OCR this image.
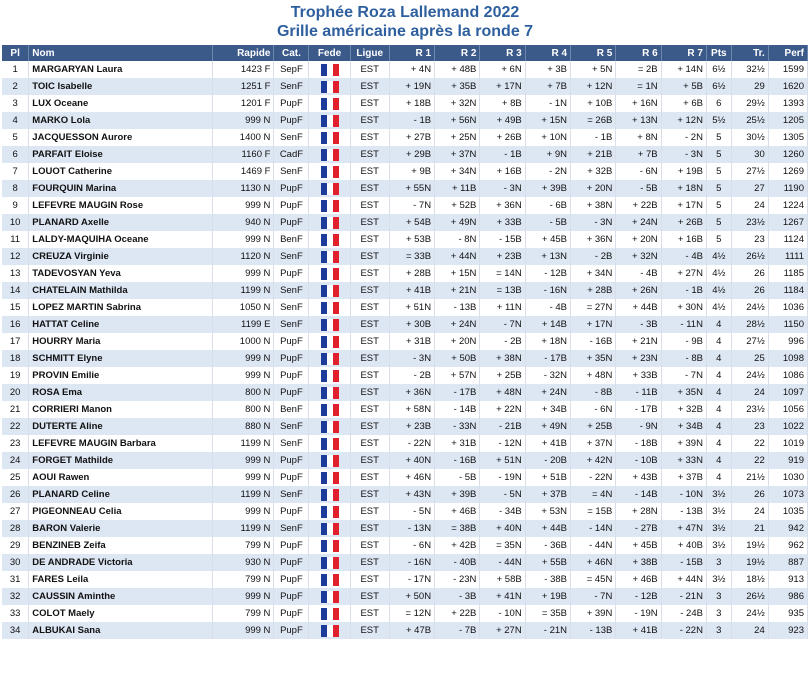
Trophée Roza Lallemand 2022
Grille américaine après la ronde 7
Pl	Nom	Rapide	Cat.	Fede	Ligue	R 1	R 2	R 3	R 4	R 5	R 6	R 7	Pts	Tr.	Perf
1	MARGARYAN Laura	1423 F	SepF		EST	+ 4N	+ 48B	+ 6N	+ 3B	+ 5N	= 2B	+ 14N	6½	32½	1599
2	TOIC Isabelle	1251 F	SenF		EST	+ 19N	+ 35B	+ 17N	+ 7B	+ 12N	= 1N	+ 5B	6½	29	1620
3	LUX Oceane	1201 F	PupF		EST	+ 18B	+ 32N	+ 8B	- 1N	+ 10B	+ 16N	+ 6B	6	29½	1393
4	MARKO Lola	999 N	PupF		EST	- 1B	+ 56N	+ 49B	+ 15N	= 26B	+ 13N	+ 12N	5½	25½	1205
5	JACQUESSON Aurore	1400 N	SenF		EST	+ 27B	+ 25N	+ 26B	+ 10N	- 1B	+ 8N	- 2N	5	30½	1305
6	PARFAIT Eloise	1160 F	CadF		EST	+ 29B	+ 37N	- 1B	+ 9N	+ 21B	+ 7B	- 3N	5	30	1260
7	LOUOT Catherine	1469 F	SenF		EST	+ 9B	+ 34N	+ 16B	- 2N	+ 32B	- 6N	+ 19B	5	27½	1269
8	FOURQUIN Marina	1130 N	PupF		EST	+ 55N	+ 11B	- 3N	+ 39B	+ 20N	- 5B	+ 18N	5	27	1190
9	LEFEVRE MAUGIN Rose	999 N	PupF		EST	- 7N	+ 52B	+ 36N	- 6B	+ 38N	+ 22B	+ 17N	5	24	1224
10	PLANARD Axelle	940 N	PupF		EST	+ 54B	+ 49N	+ 33B	- 5B	- 3N	+ 24N	+ 26B	5	23½	1267
11	LALDY-MAQUIHA Oceane	999 N	BenF		EST	+ 53B	- 8N	- 15B	+ 45B	+ 36N	+ 20N	+ 16B	5	23	1124
12	CREUZA Virginie	1120 N	SenF		EST	= 33B	+ 44N	+ 23B	+ 13N	- 2B	+ 32N	- 4B	4½	26½	1111
13	TADEVOSYAN Yeva	999 N	PupF		EST	+ 28B	+ 15N	= 14N	- 12B	+ 34N	- 4B	+ 27N	4½	26	1185
14	CHATELAIN Mathilda	1199 N	SenF		EST	+ 41B	+ 21N	= 13B	- 16N	+ 28B	+ 26N	- 1B	4½	26	1184
15	LOPEZ MARTIN Sabrina	1050 N	SenF		EST	+ 51N	- 13B	+ 11N	- 4B	= 27N	+ 44B	+ 30N	4½	24½	1036
16	HATTAT Celine	1199 E	SenF		EST	+ 30B	+ 24N	- 7N	+ 14B	+ 17N	- 3B	- 11N	4	28½	1150
17	HOURRY Maria	1000 N	PupF		EST	+ 31B	+ 20N	- 2B	+ 18N	- 16B	+ 21N	- 9B	4	27½	996
18	SCHMITT Elyne	999 N	PupF		EST	- 3N	+ 50B	+ 38N	- 17B	+ 35N	+ 23N	- 8B	4	25	1098
19	PROVIN Emilie	999 N	PupF		EST	- 2B	+ 57N	+ 25B	- 32N	+ 48N	+ 33B	- 7N	4	24½	1086
20	ROSA Ema	800 N	PupF		EST	+ 36N	- 17B	+ 48N	+ 24N	- 8B	- 11B	+ 35N	4	24	1097
21	CORRIERI Manon	800 N	BenF		EST	+ 58N	- 14B	+ 22N	+ 34B	- 6N	- 17B	+ 32B	4	23½	1056
22	DUTERTE Aline	880 N	SenF		EST	+ 23B	- 33N	- 21B	+ 49N	+ 25B	- 9N	+ 34B	4	23	1022
23	LEFEVRE MAUGIN Barbara	1199 N	SenF		EST	- 22N	+ 31B	- 12N	+ 41B	+ 37N	- 18B	+ 39N	4	22	1019
24	FORGET Mathilde	999 N	PupF		EST	+ 40N	- 16B	+ 51N	- 20B	+ 42N	- 10B	+ 33N	4	22	919
25	AOUI Rawen	999 N	PupF		EST	+ 46N	- 5B	- 19N	+ 51B	- 22N	+ 43B	+ 37B	4	21½	1030
26	PLANARD Celine	1199 N	SenF		EST	+ 43N	+ 39B	- 5N	+ 37B	= 4N	- 14B	- 10N	3½	26	1073
27	PIGEONNEAU Celia	999 N	PupF		EST	- 5N	+ 46B	- 34B	+ 53N	= 15B	+ 28N	- 13B	3½	24	1035
28	BARON Valerie	1199 N	SenF		EST	- 13N	= 38B	+ 40N	+ 44B	- 14N	- 27B	+ 47N	3½	21	942
29	BENZINEB Zeifa	799 N	PupF		EST	- 6N	+ 42B	= 35N	- 36B	- 44N	+ 45B	+ 40B	3½	19½	962
30	DE ANDRADE Victoria	930 N	PupF		EST	- 16N	- 40B	- 44N	+ 55B	+ 46N	+ 38B	- 15B	3	19½	887
31	FARES Leila	799 N	PupF		EST	- 17N	- 23N	+ 58B	- 38B	= 45N	+ 46B	+ 44N	3½	18½	913
32	CAUSSIN Aminthe	999 N	PupF		EST	+ 50N	- 3B	+ 41N	+ 19B	- 7N	- 12B	- 21N	3	26½	986
33	COLOT Maely	799 N	PupF		EST	= 12N	+ 22B	- 10N	= 35B	+ 39N	- 19N	- 24B	3	24½	935
34	ALBUKAI Sana	999 N	PupF		EST	+ 47B	- 7B	+ 27N	- 21N	- 13B	+ 41B	- 22N	3	24	923
